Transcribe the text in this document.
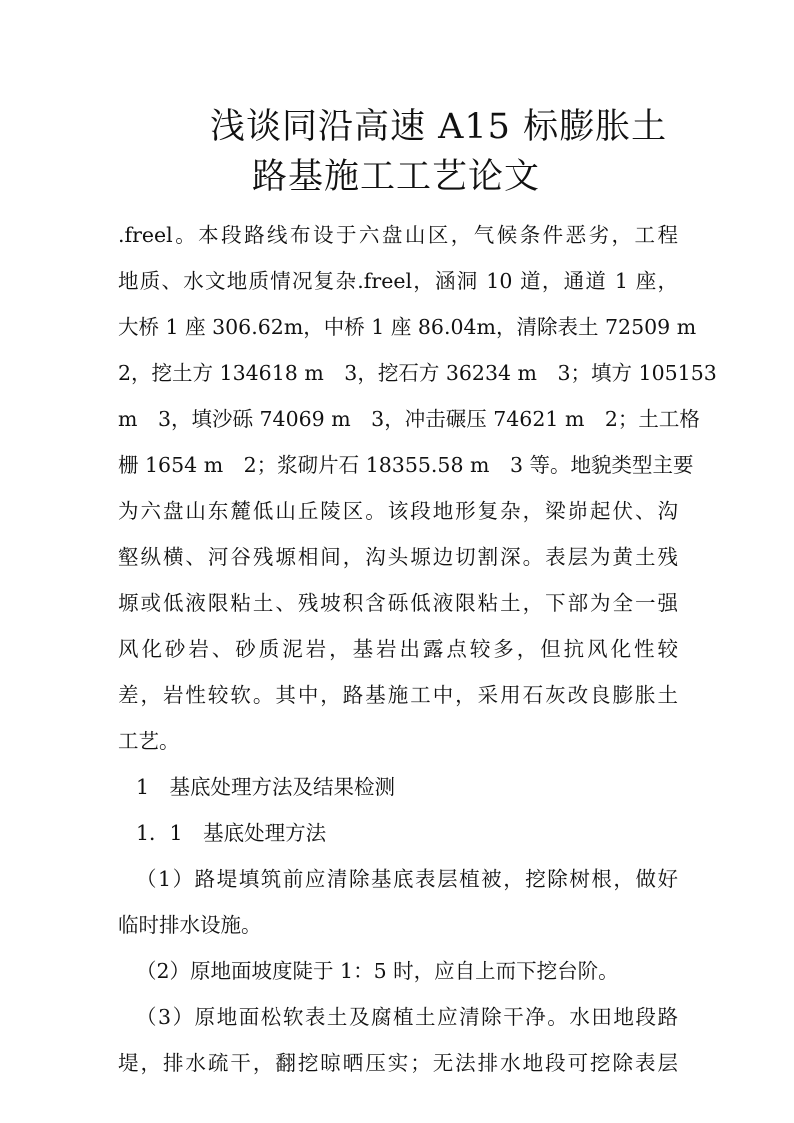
浅谈同沿高速 A15 标膨胀土
路基施工工艺论文
.freel。本段路线布设于六盘山区，气候条件恶劣，工程
地质、水文地质情况复杂.freel，涵洞 10 道，通道 1 座，
大桥 1 座 306.62m，中桥 1 座 86.04m，清除表土 72509 m
2，挖土方 134618 m　3，挖石方 36234 m　3；填方 105153
m　3，填沙砾 74069 m　3，冲击碾压 74621 m　2；土工格
栅 1654 m　2；浆砌片石 18355.58 m　3 等。地貌类型主要
为六盘山东麓低山丘陵区。该段地形复杂，梁峁起伏、沟
壑纵横、河谷残塬相间，沟头塬边切割深。表层为黄土残
塬或低液限粘土、残坡积含砾低液限粘土，下部为全一强
风化砂岩、砂质泥岩，基岩出露点较多，但抗风化性较
差，岩性较软。其中，路基施工中，采用石灰改良膨胀土
工艺。
1　基底处理方法及结果检测
1．1　基底处理方法
（1）路堤填筑前应清除基底表层植被，挖除树根，做好
临时排水设施。
（2）原地面坡度陡于 1：5 时，应自上而下挖台阶。
（3）原地面松软表土及腐植土应清除干净。水田地段路
堤，排水疏干，翻挖晾晒压实；无法排水地段可挖除表层
